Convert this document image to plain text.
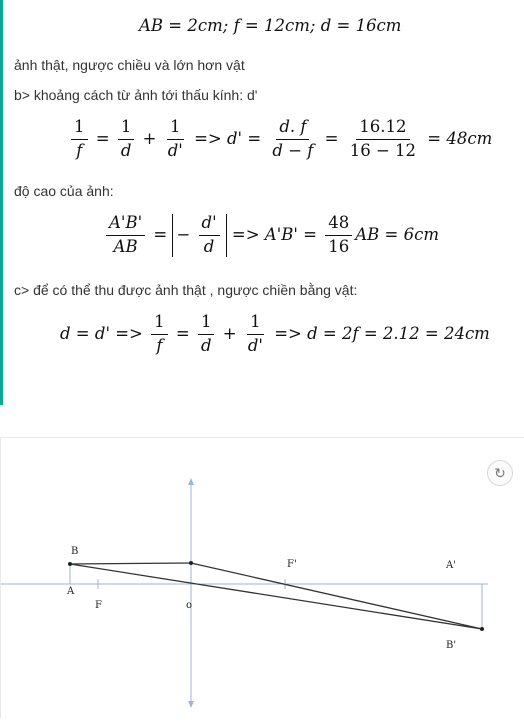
AB = 2cm; f = 12cm; d = 16cm
ảnh thật, ngược chiều và lớn hơn vật
b> khoảng cách từ ảnh tới thấu kính: d'
$\frac{1}{f} = \frac{1}{d} + \frac{1}{d'} => d' = \frac{d. f}{d - f} = \frac{16.12}{16 - 12} = 48cm$
độ cao của ảnh:
$\frac{A'B'}{AB}$ = − $\frac{d'}{d} => A'B' = \frac{48}{16}$ AB = 6cm
c> để có thể thu được ảnh thật , ngược chiền bằng vật:
$d = d' => \frac{1}{f} = \frac{1}{d} + \frac{1}{d'} => d = 2f = 2.12 = 24cm$
↻
B
A
F	o
F'	A'
B'
